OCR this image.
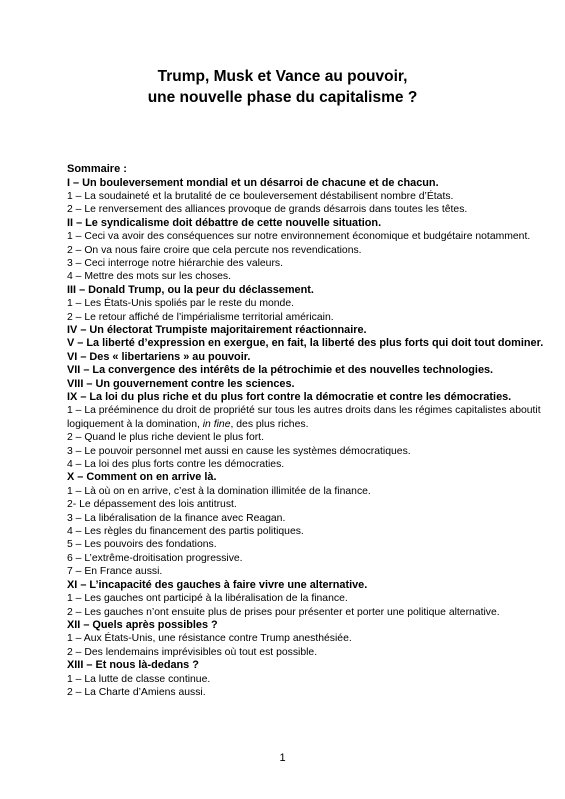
Trump, Musk et Vance au pouvoir,
une nouvelle phase du capitalisme ?
Sommaire :
I – Un bouleversement mondial et un désarroi de chacune et de chacun.
1 – La soudaineté et la brutalité de ce bouleversement déstabilisent nombre d’États.
2 – Le renversement des alliances provoque de grands désarrois dans toutes les têtes.
II – Le syndicalisme doit débattre de cette nouvelle situation.
1 – Ceci va avoir des conséquences sur notre environnement économique et budgétaire notamment.
2 – On va nous faire croire que cela percute nos revendications.
3 – Ceci interroge notre hiérarchie des valeurs.
4 – Mettre des mots sur les choses.
III – Donald Trump, ou la peur du déclassement.
1 – Les États-Unis spoliés par le reste du monde.
2 – Le retour affiché de l’impérialisme territorial américain.
IV – Un électorat Trumpiste majoritairement réactionnaire.
V – La liberté d’expression en exergue, en fait, la liberté des plus forts qui doit tout dominer.
VI – Des « libertariens » au pouvoir.
VII – La convergence des intérêts de la pétrochimie et des nouvelles technologies.
VIII – Un gouvernement contre les sciences.
IX – La loi du plus riche et du plus fort contre la démocratie et contre les démocraties.
1 – La prééminence du droit de propriété sur tous les autres droits dans les régimes capitalistes aboutit logiquement à la domination, in fine, des plus riches.
2 – Quand le plus riche devient le plus fort.
3 – Le pouvoir personnel met aussi en cause les systèmes démocratiques.
4 – La loi des plus forts contre les démocraties.
X – Comment on en arrive là.
1 – Là où on en arrive, c’est à la domination illimitée de la finance.
2- Le dépassement des lois antitrust.
3 – La libéralisation de la finance avec Reagan.
4 – Les règles du financement des partis politiques.
5 – Les pouvoirs des fondations.
6 – L’extrême-droitisation progressive.
7 – En France aussi.
XI – L’incapacité des gauches à faire vivre une alternative.
1 – Les gauches ont participé à la libéralisation de la finance.
2 – Les gauches n’ont ensuite plus de prises pour présenter et porter une politique alternative.
XII – Quels après possibles ?
1 – Aux États-Unis, une résistance contre Trump anesthésiée.
2 – Des lendemains imprévisibles où tout est possible.
XIII – Et nous là-dedans ?
1 – La lutte de classe continue.
2 – La Charte d’Amiens aussi.
1
